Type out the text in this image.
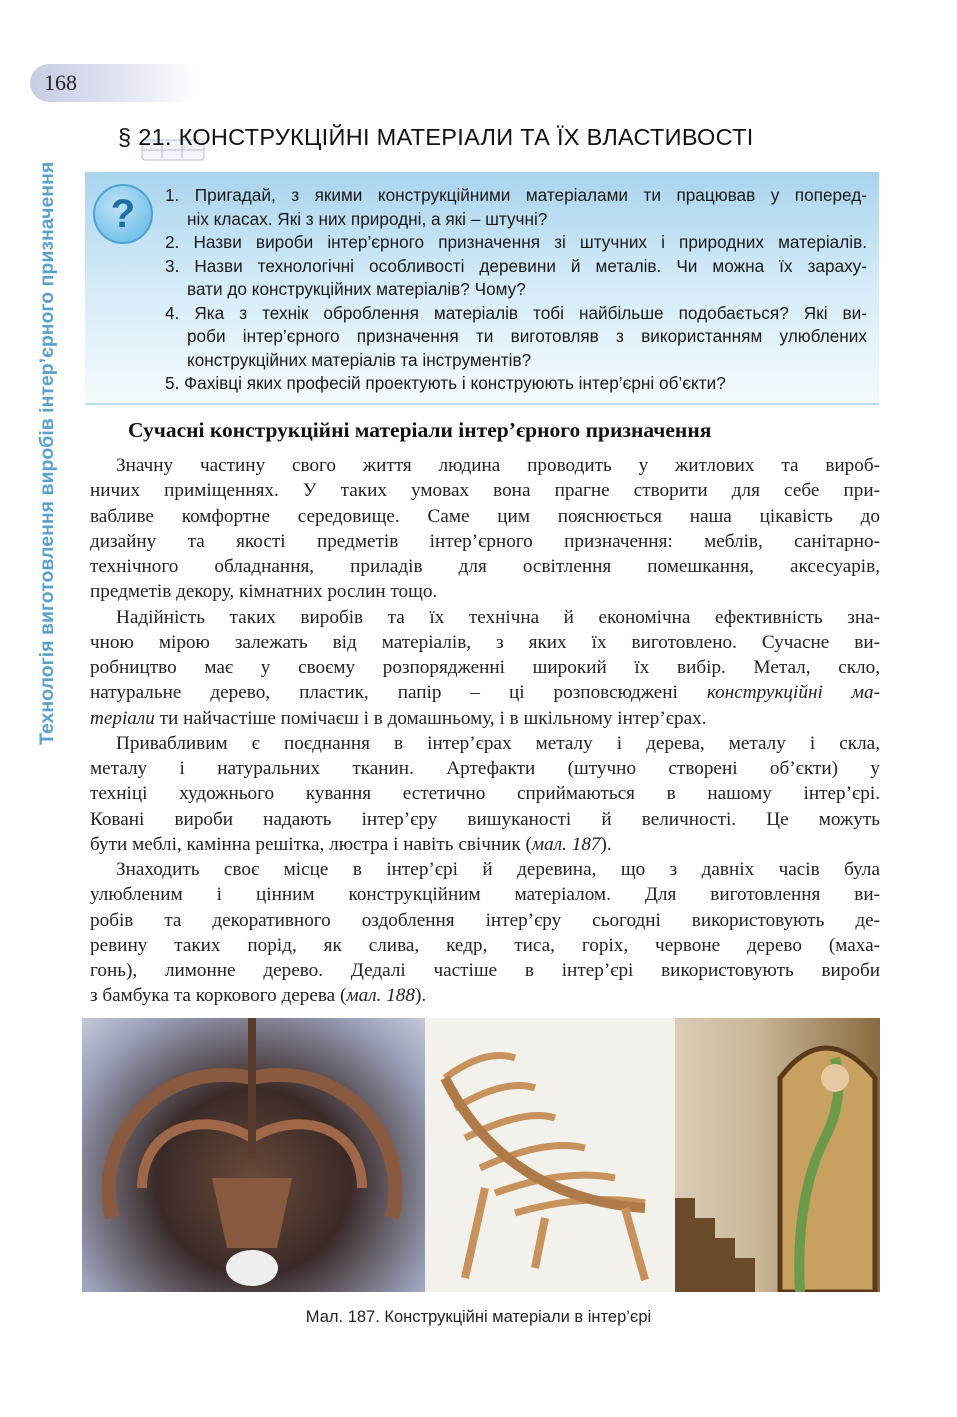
168
Технологія виготовлення виробів інтер’єрного призначення
§ 21. КОНСТРУКЦІЙНІ МАТЕРІАЛИ ТА ЇХ ВЛАСТИВОСТІ
?	1. Пригадай, з якими конструкційними матеріалами ти працював у поперед-
ніх класах. Які з них природні, а які – штучні?
2. Назви вироби інтер’єрного призначення зі штучних і природних матеріалів.
3. Назви технологічні особливості деревини й металів. Чи можна їх зараху-
вати до конструкційних матеріалів? Чому?
4. Яка з технік оброблення матеріалів тобі найбільше подобається? Які ви-
роби інтер’єрного призначення ти виготовляв з використанням улюблених
конструкційних матеріалів та інструментів?
5. Фахівці яких професій проектують і конструюють інтер’єрні об’єкти?
Сучасні конструкційні матеріали інтер’єрного призначення
Значну частину свого життя людина проводить у житлових та вироб-
ничих приміщеннях. У таких умовах вона прагне створити для себе при-
вабливе комфортне середовище. Саме цим пояснюється наша цікавість до
дизайну та якості предметів інтер’єрного призначення: меблів, санітарно-
технічного обладнання, приладів для освітлення помешкання, аксесуарів,
предметів декору, кімнатних рослин тощо.
Надійність таких виробів та їх технічна й економічна ефективність зна-
чною мірою залежать від матеріалів, з яких їх виготовлено. Сучасне ви-
робництво має у своєму розпорядженні широкий їх вибір. Метал, скло,
натуральне дерево, пластик, папір – ці розповсюджені конструкційні ма-
теріали ти найчастіше помічаєш і в домашньому, і в шкільному інтер’єрах.
Привабливим є поєднання в інтер’єрах металу і дерева, металу і скла,
металу і натуральних тканин. Артефакти (штучно створені об’єкти) у
техніці художнього кування естетично сприймаються в нашому інтер’єрі.
Ковані вироби надають інтер’єру вишуканості й величності. Це можуть
бути меблі, камінна решітка, люстра і навіть свічник (мал. 187).
Знаходить своє місце в інтер’єрі й деревина, що з давніх часів була
улюбленим і цінним конструкційним матеріалом. Для виготовлення ви-
робів та декоративного оздоблення інтер’єру сьогодні використовують де-
ревину таких порід, як слива, кедр, тиса, горіх, червоне дерево (маха-
гонь), лимонне дерево. Дедалі частіше в інтер’єрі використовують вироби
з бамбука та коркового дерева (мал. 188).
Мал. 187. Конструкційні матеріали в інтер’єрі
